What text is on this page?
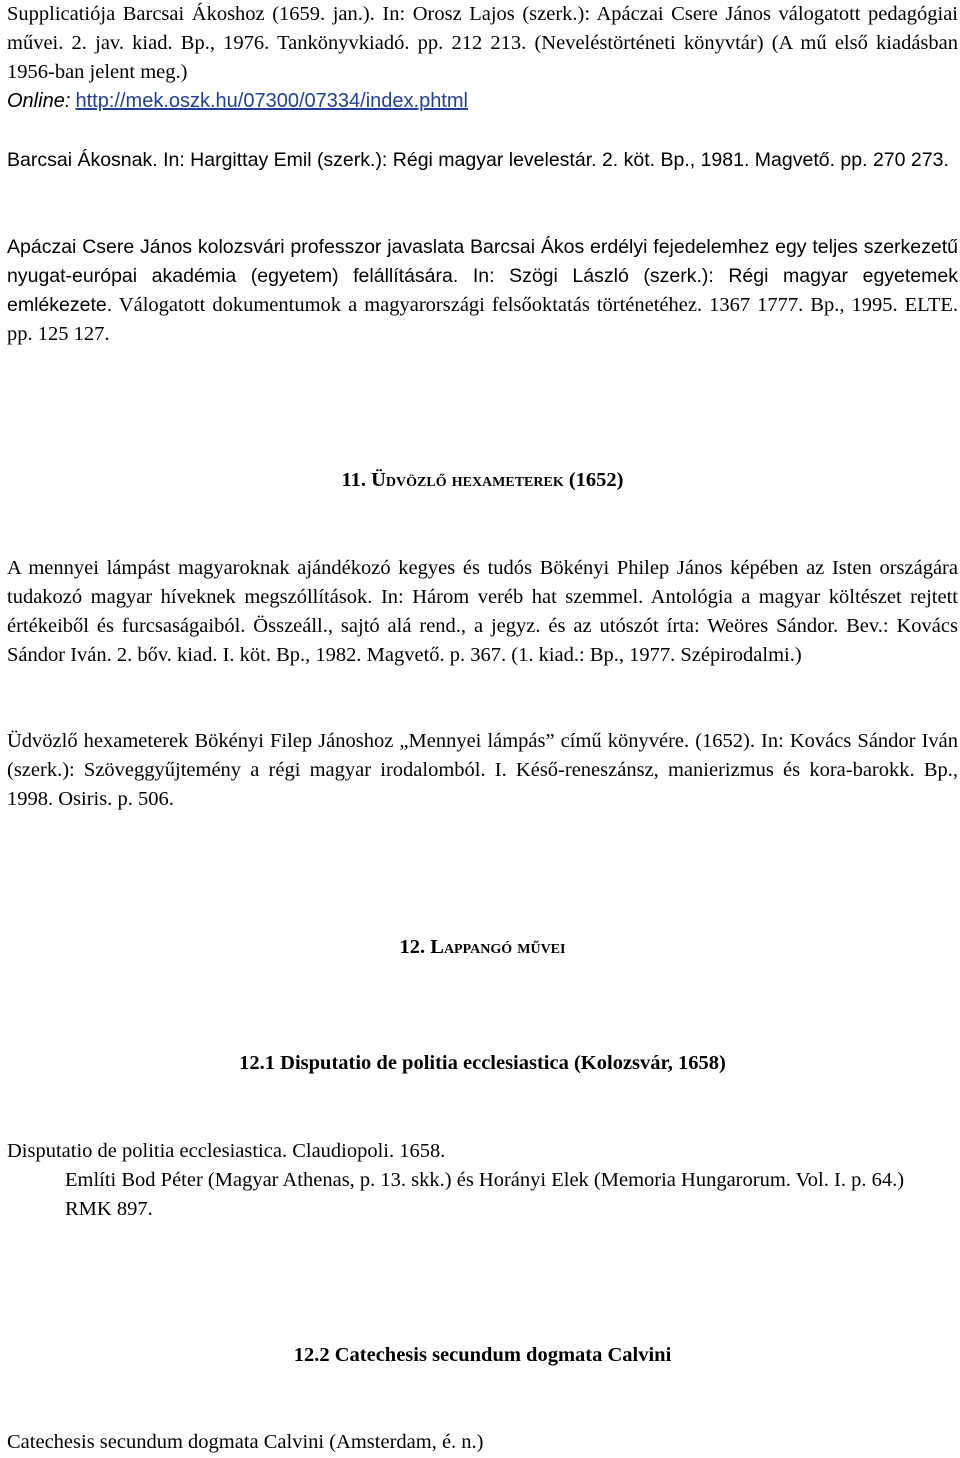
Supplicatiója Barcsai Ákoshoz (1659. jan.). In: Orosz Lajos (szerk.): Apáczai Csere János válogatott pedagógiai művei. 2. jav. kiad. Bp., 1976. Tankönyvkiadó. pp. 212 213. (Neveléstörténeti könyvtár) (A mű első kiadásban 1956-ban jelent meg.)

Online: http://mek.oszk.hu/07300/07334/index.phtml

Barcsai Ákosnak. In: Hargittay Emil (szerk.): Régi magyar levelestár. 2. köt. Bp., 1981. Magvető. pp. 270 273.

Apáczai Csere János kolozsvári professzor javaslata Barcsai Ákos erdélyi fejedelemhez egy teljes szerkezetű nyugat-európai akadémia (egyetem) felállítására. In: Szögi László (szerk.): Régi magyar egyetemek emlékezete. Válogatott dokumentumok a magyarországi felsőoktatás történetéhez. 1367 1777. Bp., 1995. ELTE. pp. 125 127.

11. Üdvözlő hexameterek (1652)

A mennyei lámpást magyaroknak ajándékozó kegyes és tudós Bökényi Philep János képében az Isten országára tudakozó magyar híveknek megszóllítások. In: Három veréb hat szemmel. Antológia a magyar költészet rejtett értékeiből és furcsaságaiból. Összeáll., sajtó alá rend., a jegyz. és az utószót írta: Weöres Sándor. Bev.: Kovács Sándor Iván. 2. bőv. kiad. I. köt. Bp., 1982. Magvető. p. 367. (1. kiad.: Bp., 1977. Szépirodalmi.)

Üdvözlő hexameterek Bökényi Filep Jánoshoz „Mennyei lámpás” című könyvére. (1652). In: Kovács Sándor Iván (szerk.): Szöveggyűjtemény a régi magyar irodalomból. I. Késő-reneszánsz, manierizmus és kora-barokk. Bp., 1998. Osiris. p. 506.

12. Lappangó művei
12.1 Disputatio de politia ecclesiastica (Kolozsvár, 1658)

Disputatio de politia ecclesiastica. Claudiopoli. 1658.

Említi Bod Péter (Magyar Athenas, p. 13. skk.) és Horányi Elek (Memoria Hungarorum. Vol. I. p. 64.)

RMK 897.

12.2 Catechesis secundum dogmata Calvini

Catechesis secundum dogmata Calvini (Amsterdam, é. n.)
